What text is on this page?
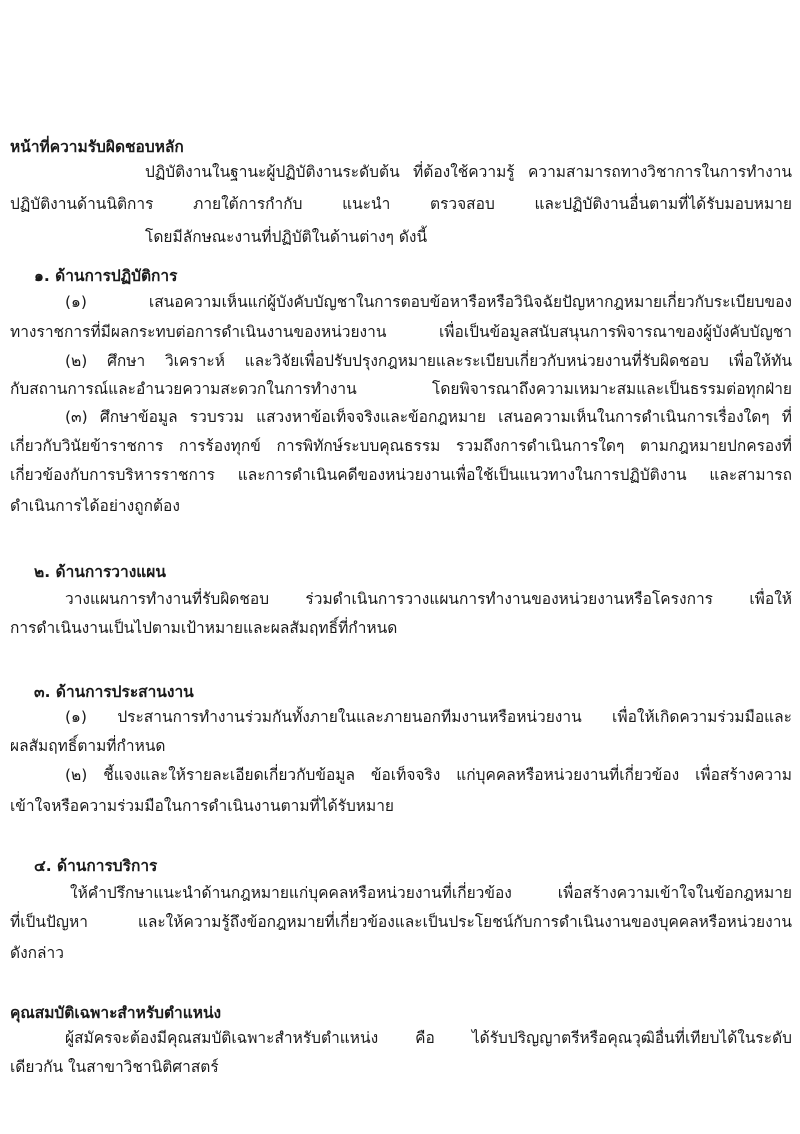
หน้าที่ความรับผิดชอบหลัก
ปฏิบัติงานในฐานะผู้ปฏิบัติงานระดับต้น ที่ต้องใช้ความรู้ ความสามารถทางวิชาการในการทำงาน
ปฏิบัติงานด้านนิติการ ภายใต้การกำกับ แนะนำ ตรวจสอบ และปฏิบัติงานอื่นตามที่ได้รับมอบหมาย
โดยมีลักษณะงานที่ปฏิบัติในด้านต่างๆ ดังนี้
๑. ด้านการปฏิบัติการ
(๑) เสนอความเห็นแก่ผู้บังคับบัญชาในการตอบข้อหารือหรือวินิจฉัยปัญหากฎหมายเกี่ยวกับระเบียบของ
ทางราชการที่มีผลกระทบต่อการดำเนินงานของหน่วยงาน เพื่อเป็นข้อมูลสนับสนุนการพิจารณาของผู้บังคับบัญชา
(๒) ศึกษา วิเคราะห์ และวิจัยเพื่อปรับปรุงกฎหมายและระเบียบเกี่ยวกับหน่วยงานที่รับผิดชอบ เพื่อให้ทัน
กับสถานการณ์และอำนวยความสะดวกในการทำงาน โดยพิจารณาถึงความเหมาะสมและเป็นธรรมต่อทุกฝ่าย
(๓) ศึกษาข้อมูล รวบรวม แสวงหาข้อเท็จจริงและข้อกฎหมาย เสนอความเห็นในการดำเนินการเรื่องใดๆ ที่
เกี่ยวกับวินัยข้าราชการ การร้องทุกข์ การพิทักษ์ระบบคุณธรรม รวมถึงการดำเนินการใดๆ ตามกฎหมายปกครองที่
เกี่ยวข้องกับการบริหารราชการ และการดำเนินคดีของหน่วยงานเพื่อใช้เป็นแนวทางในการปฏิบัติงาน และสามารถ
ดำเนินการได้อย่างถูกต้อง
๒. ด้านการวางแผน
วางแผนการทำงานที่รับผิดชอบ ร่วมดำเนินการวางแผนการทำงานของหน่วยงานหรือโครงการ เพื่อให้
การดำเนินงานเป็นไปตามเป้าหมายและผลสัมฤทธิ์ที่กำหนด
๓. ด้านการประสานงาน
(๑) ประสานการทำงานร่วมกันทั้งภายในและภายนอกทีมงานหรือหน่วยงาน เพื่อให้เกิดความร่วมมือและ
ผลสัมฤทธิ์ตามที่กำหนด
(๒) ชี้แจงและให้รายละเอียดเกี่ยวกับข้อมูล ข้อเท็จจริง แก่บุคคลหรือหน่วยงานที่เกี่ยวข้อง เพื่อสร้างความ
เข้าใจหรือความร่วมมือในการดำเนินงานตามที่ได้รับหมาย
๔. ด้านการบริการ
ให้คำปรึกษาแนะนำด้านกฎหมายแก่บุคคลหรือหน่วยงานที่เกี่ยวข้อง เพื่อสร้างความเข้าใจในข้อกฎหมาย
ที่เป็นปัญหา และให้ความรู้ถึงข้อกฎหมายที่เกี่ยวข้องและเป็นประโยชน์กับการดำเนินงานของบุคคลหรือหน่วยงาน
ดังกล่าว
คุณสมบัติเฉพาะสำหรับตำแหน่ง
ผู้สมัครจะต้องมีคุณสมบัติเฉพาะสำหรับตำแหน่ง คือ ได้รับปริญญาตรีหรือคุณวุฒิอื่นที่เทียบได้ในระดับ
เดียวกัน ในสาขาวิชานิติศาสตร์
